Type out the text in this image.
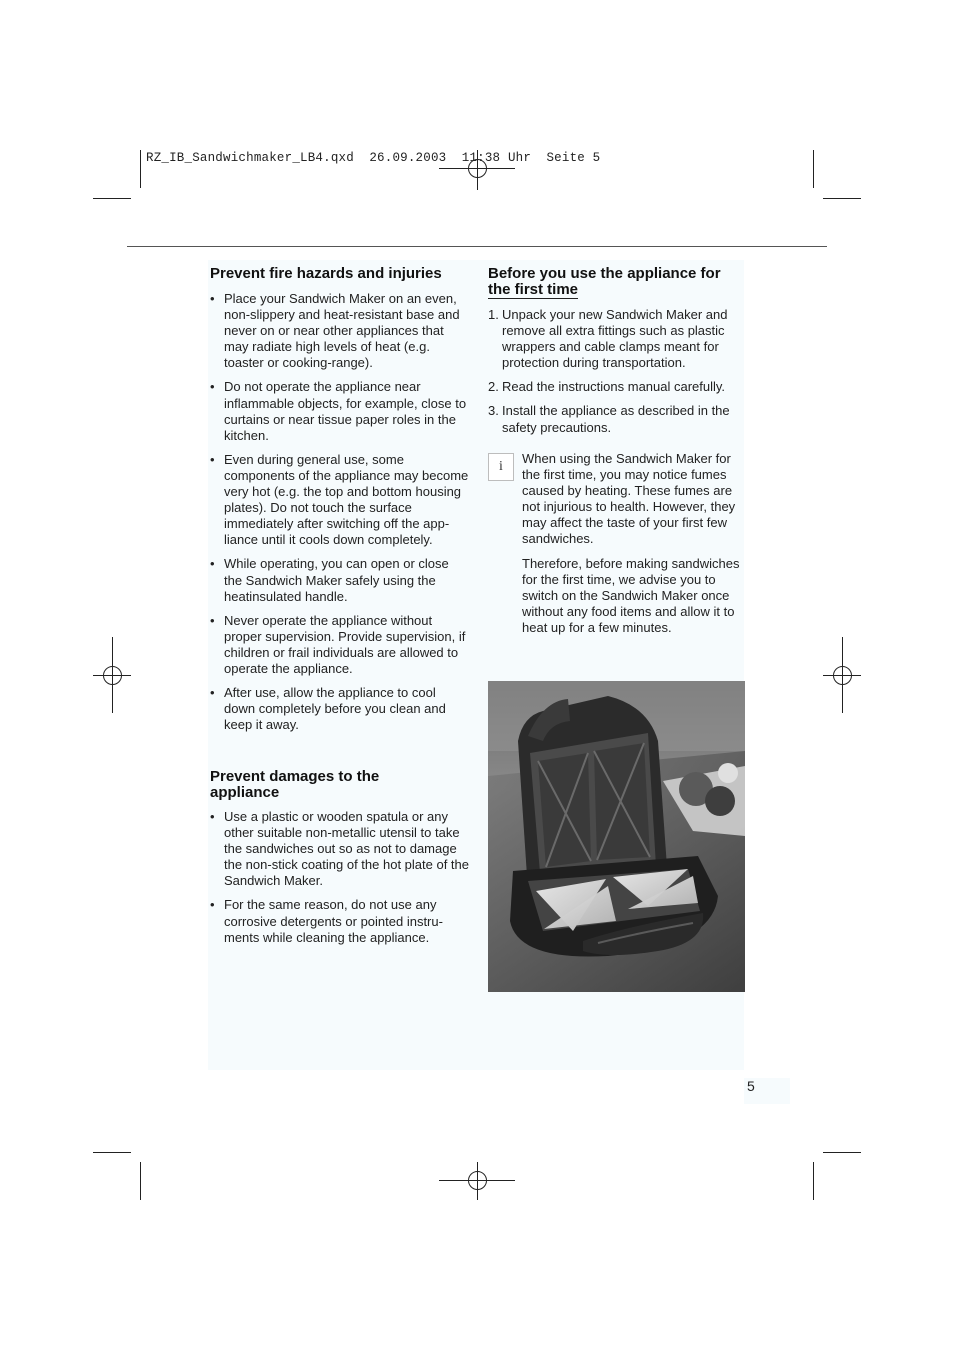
RZ_IB_Sandwichmaker_LB4.qxd  26.09.2003  11:38 Uhr  Seite 5
Prevent fire hazards and injuries
• Place your Sandwich Maker on an even, non-slippery and heat-resistant base and never on or near other appliances that may radiate high levels of heat (e.g. toaster or cooking-range).
• Do not operate the appliance near inflammable objects, for example, close to curtains or near tissue paper roles in the kitchen.
• Even during general use, some components of the appliance may become very hot (e.g. the top and bottom housing plates). Do not touch the surface immediately after switching off the app-liance until it cools down completely.
• While operating, you can open or close the Sandwich Maker safely using the heatinsulated handle.
• Never operate the appliance without proper supervision. Provide supervision, if children or frail individuals are allowed to operate the appliance.
• After use, allow the appliance to cool down completely before you clean and keep it away.
Prevent damages to the appliance
• Use a plastic or wooden spatula or any other suitable non-metallic utensil to take the sandwiches out so as not to damage the non-stick coating of the hot plate of the Sandwich Maker.
• For the same reason, do not use any corrosive detergents or pointed instru-ments while cleaning the appliance.
Before you use the appliance for
the first time
1. Unpack your new Sandwich Maker and remove all extra fittings such as plastic wrappers and cable clamps meant for protection during transportation.
2. Read the instructions manual carefully.
3. Install the appliance as described in the safety precautions.
i

When using the Sandwich Maker for the first time, you may notice fumes caused by heating. These fumes are not injurious to health. However, they may affect the taste of your first few sandwiches.

Therefore, before making sandwiches for the first time, we advise you to switch on the Sandwich Maker once without any food items and allow it to heat up for a few minutes.

5
